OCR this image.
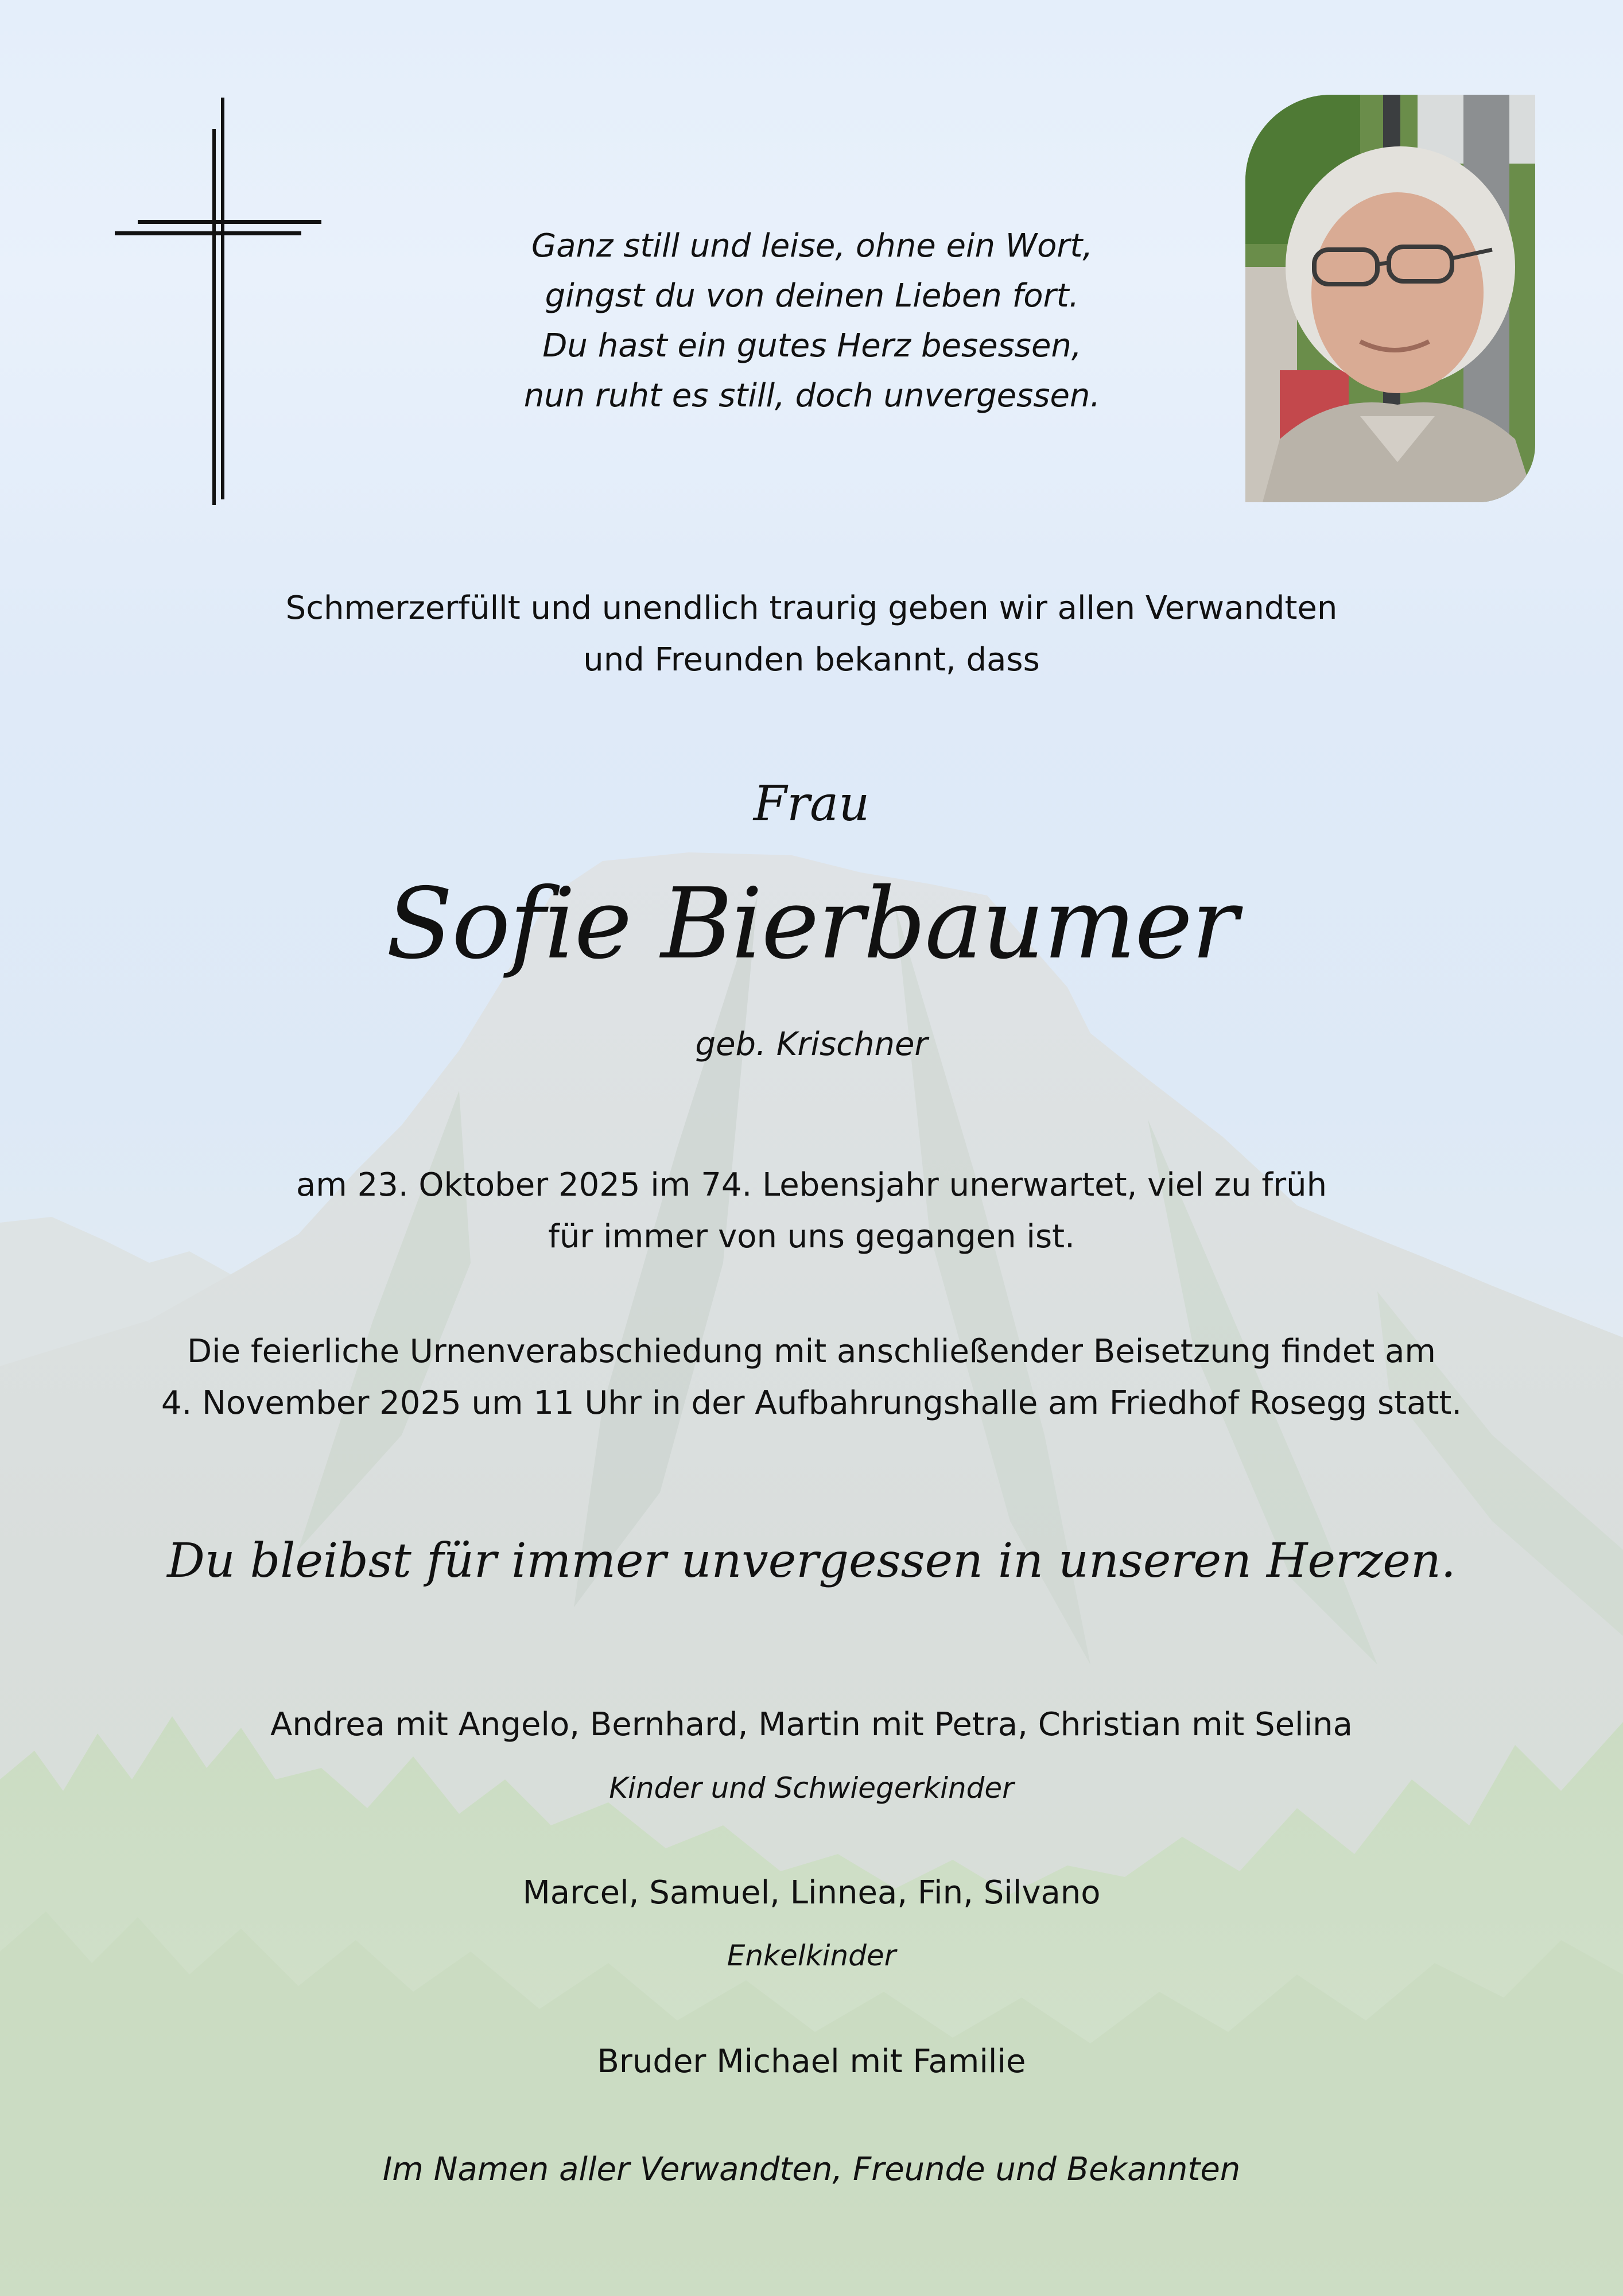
Ganz still und leise, ohne ein Wort,
gingst du von deinen Lieben fort.
Du hast ein gutes Herz besessen,
nun ruht es still, doch unvergessen.
Schmerzerfüllt und unendlich traurig geben wir allen Verwandten
und Freunden bekannt, dass
Frau
Sofie Bierbaumer
geb. Krischner
am 23. Oktober 2025 im 74. Lebensjahr unerwartet, viel zu früh
für immer von uns gegangen ist.
Die feierliche Urnenverabschiedung mit anschließender Beisetzung findet am
4. November 2025 um 11 Uhr in der Aufbahrungshalle am Friedhof Rosegg statt.
Du bleibst für immer unvergessen in unseren Herzen.
Andrea mit Angelo, Bernhard, Martin mit Petra, Christian mit Selina
Kinder und Schwiegerkinder
Marcel, Samuel, Linnea, Fin, Silvano
Enkelkinder
Bruder Michael mit Familie
Im Namen aller Verwandten, Freunde und Bekannten
